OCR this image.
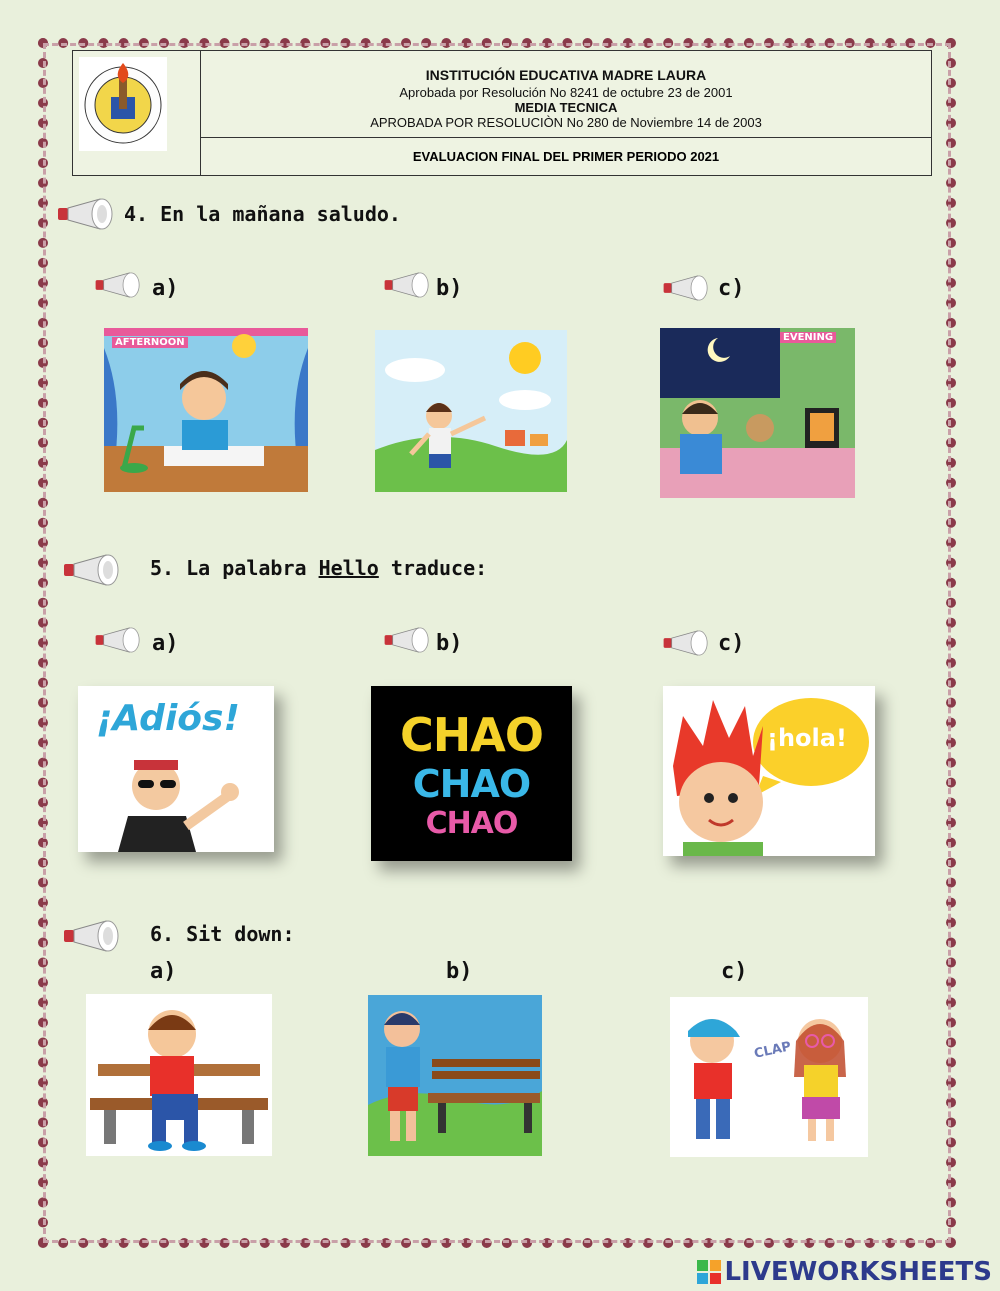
INSTITUCIÓN EDUCATIVA MADRE LAURA
Aprobada por Resolución No 8241 de octubre 23 de 2001
MEDIA TECNICA
APROBADA POR RESOLUCIÒN No 280 de Noviembre 14 de 2003
EVALUACION FINAL DEL PRIMER PERIODO 2021
4. En la mañana saludo.
a)	b)	c)
AFTERNOON	EVENING
5. La palabra Hello traduce:
a)	b)	c)
¡Adiós!	CHAO
CHAO
CHAO
¡hola!
6. Sit down:
a)	b)	c)
CLAP
LIVEWORKSHEETS
